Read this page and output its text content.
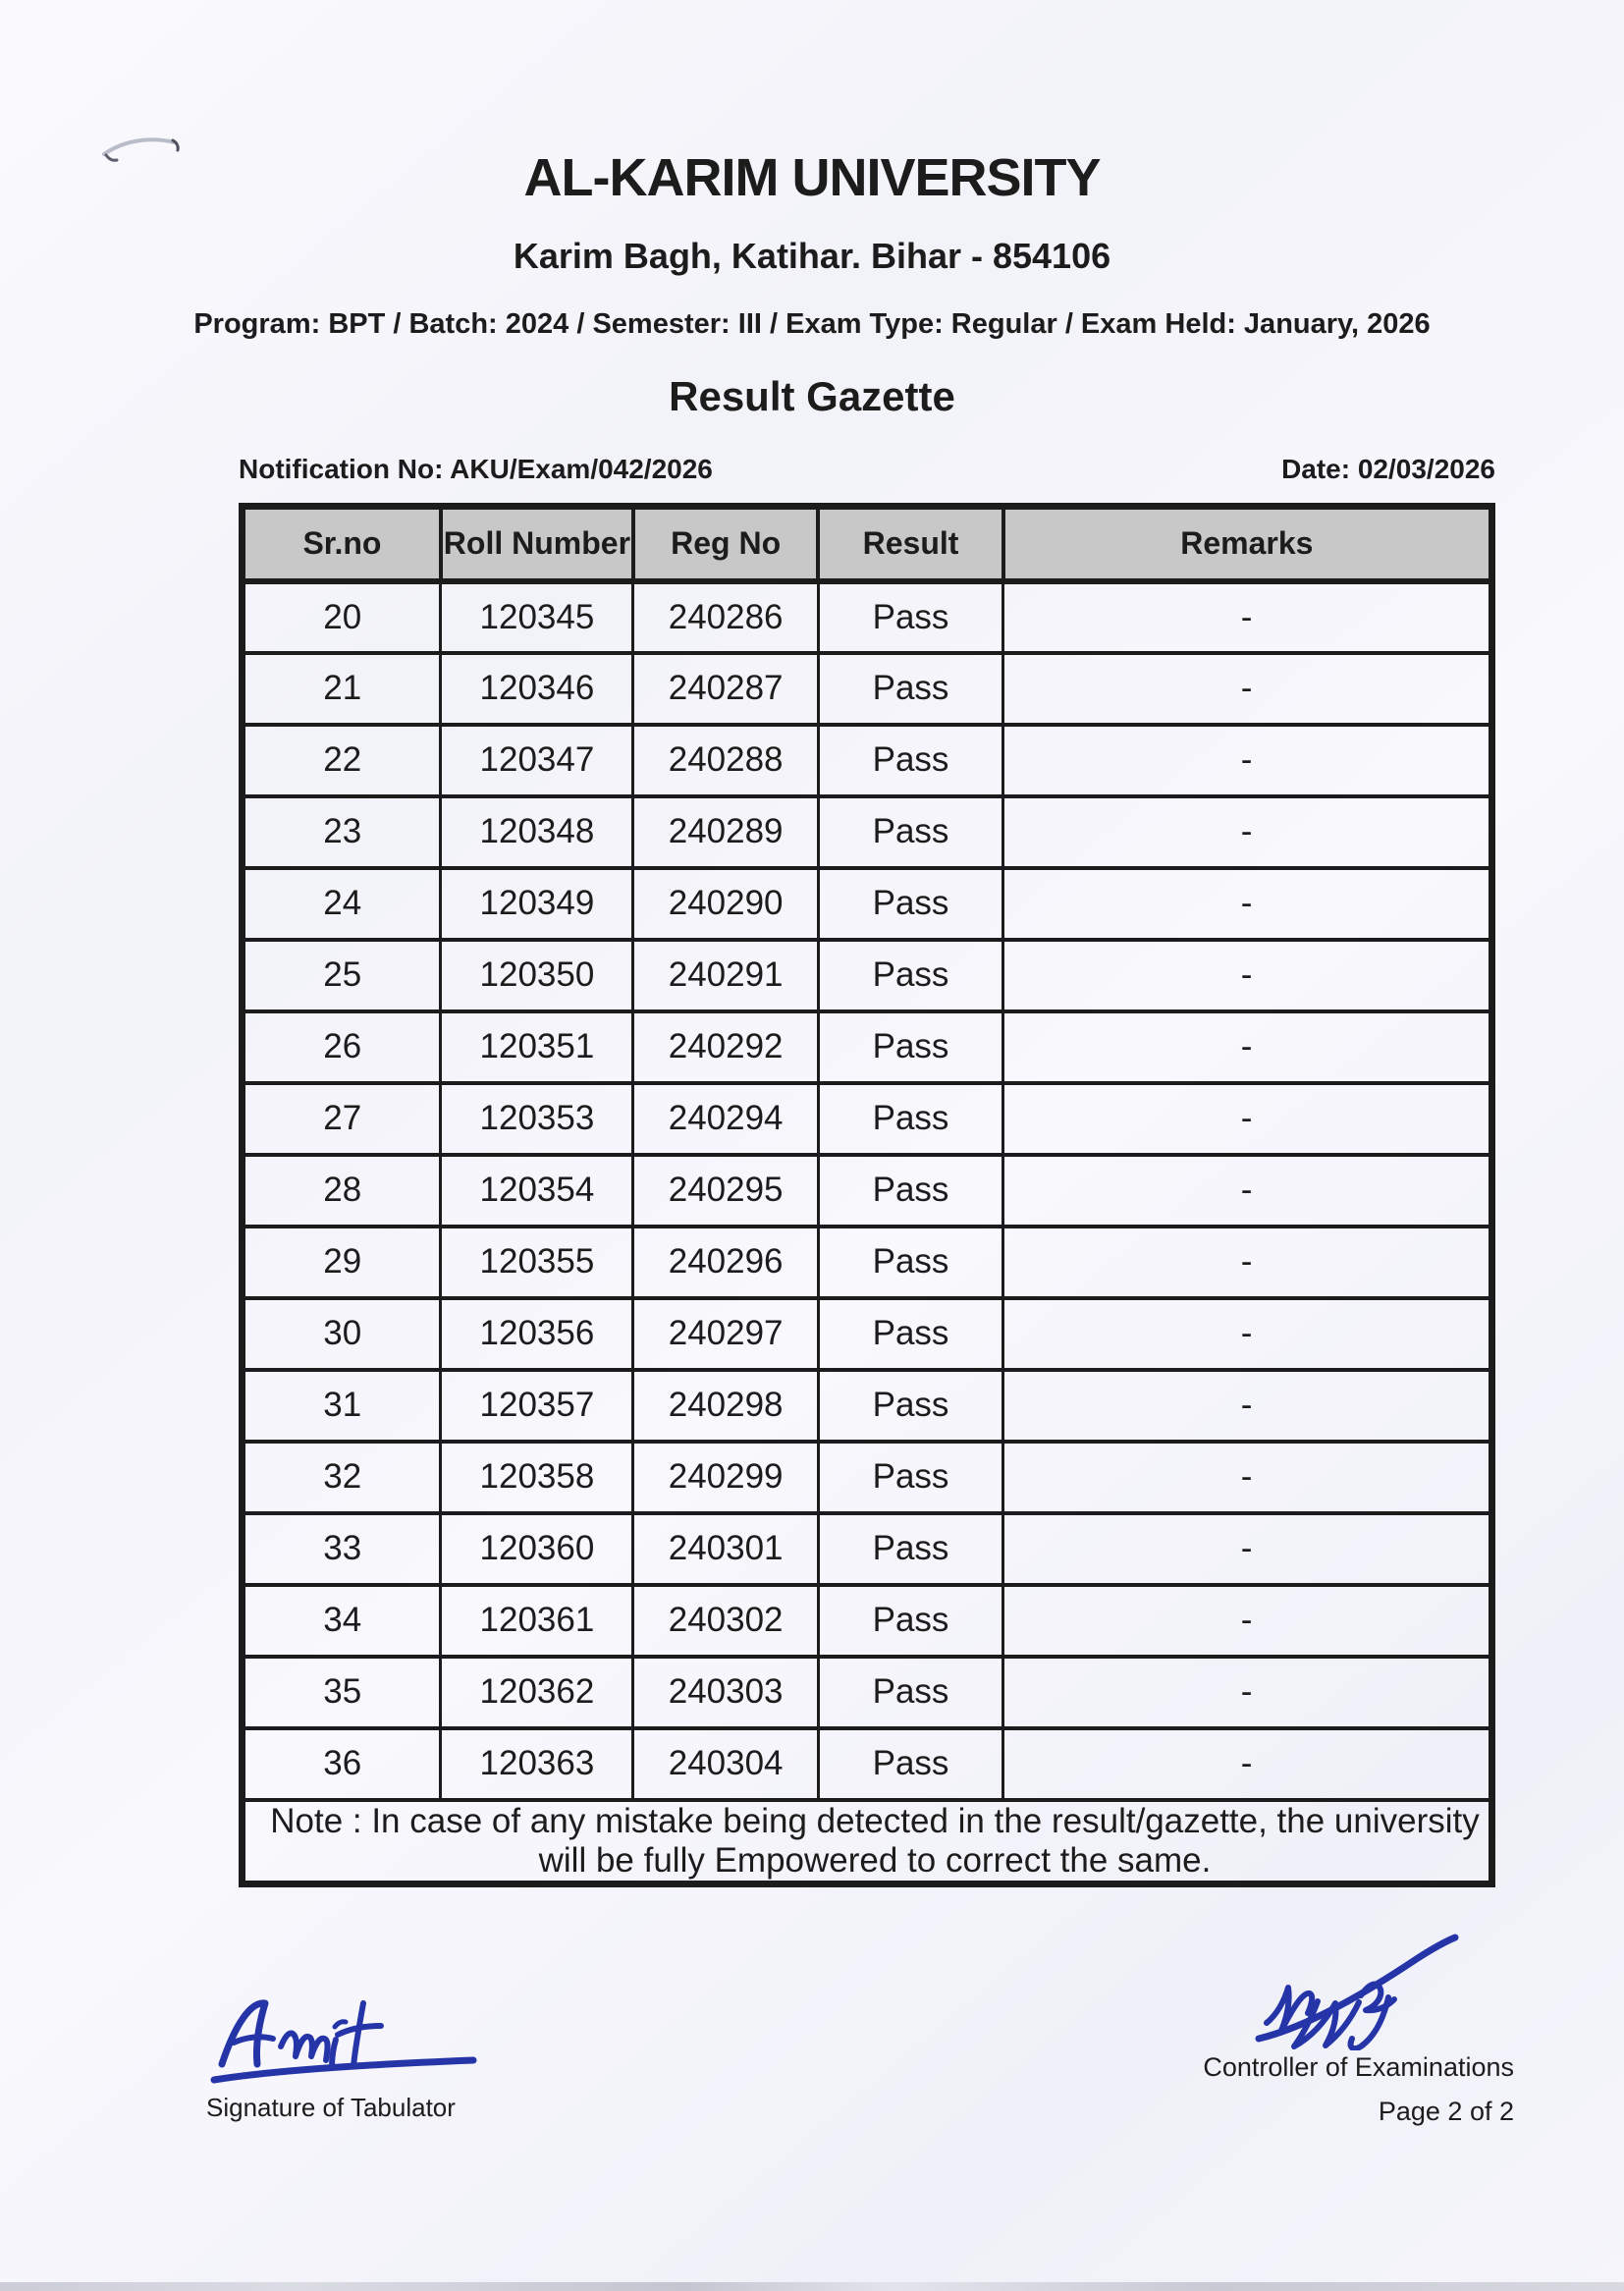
AL-KARIM UNIVERSITY
Karim Bagh, Katihar. Bihar - 854106
Program: BPT / Batch: 2024 / Semester: III / Exam Type: Regular / Exam Held: January, 2026
Result Gazette
Notification No: AKU/Exam/042/2026	Date: 02/03/2026
Sr.no	Roll Number	Reg No	Result	Remarks
20	120345	240286	Pass	-
21	120346	240287	Pass	-
22	120347	240288	Pass	-
23	120348	240289	Pass	-
24	120349	240290	Pass	-
25	120350	240291	Pass	-
26	120351	240292	Pass	-
27	120353	240294	Pass	-
28	120354	240295	Pass	-
29	120355	240296	Pass	-
30	120356	240297	Pass	-
31	120357	240298	Pass	-
32	120358	240299	Pass	-
33	120360	240301	Pass	-
34	120361	240302	Pass	-
35	120362	240303	Pass	-
36	120363	240304	Pass	-
Note : In case of any mistake being detected in the result/gazette, the university will be fully Empowered to correct the same.				
Signature of Tabulator
Controller of Examinations
Page 2 of 2
